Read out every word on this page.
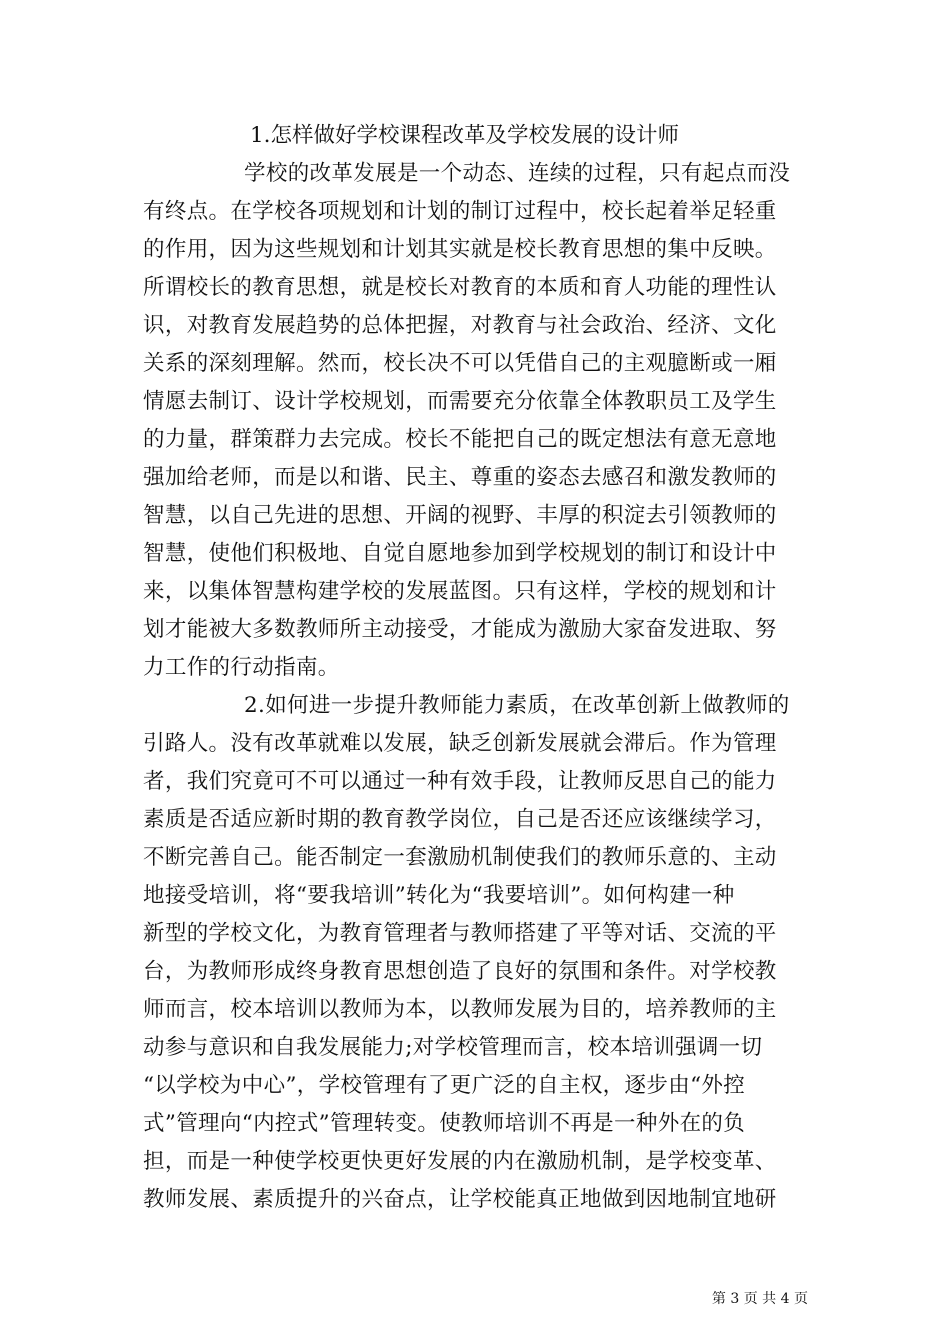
1.怎样做好学校课程改革及学校发展的设计师
学校的改革发展是一个动态、连续的过程，只有起点而没
有终点。在学校各项规划和计划的制订过程中，校长起着举足轻重
的作用，因为这些规划和计划其实就是校长教育思想的集中反映。
所谓校长的教育思想，就是校长对教育的本质和育人功能的理性认
识，对教育发展趋势的总体把握，对教育与社会政治、经济、文化
关系的深刻理解。然而，校长决不可以凭借自己的主观臆断或一厢
情愿去制订、设计学校规划，而需要充分依靠全体教职员工及学生
的力量，群策群力去完成。校长不能把自己的既定想法有意无意地
强加给老师，而是以和谐、民主、尊重的姿态去感召和激发教师的
智慧，以自己先进的思想、开阔的视野、丰厚的积淀去引领教师的
智慧，使他们积极地、自觉自愿地参加到学校规划的制订和设计中
来，以集体智慧构建学校的发展蓝图。只有这样，学校的规划和计
划才能被大多数教师所主动接受，才能成为激励大家奋发进取、努
力工作的行动指南。
2.如何进一步提升教师能力素质，在改革创新上做教师的
引路人。没有改革就难以发展，缺乏创新发展就会滞后。作为管理
者，我们究竟可不可以通过一种有效手段，让教师反思自己的能力
素质是否适应新时期的教育教学岗位，自己是否还应该继续学习，
不断完善自己。能否制定一套激励机制使我们的教师乐意的、主动
地接受培训，将“要我培训”转化为“我要培训”。如何构建一种
新型的学校文化，为教育管理者与教师搭建了平等对话、交流的平
台，为教师形成终身教育思想创造了良好的氛围和条件。对学校教
师而言，校本培训以教师为本，以教师发展为目的，培养教师的主
动参与意识和自我发展能力;对学校管理而言，校本培训强调一切
“以学校为中心”，学校管理有了更广泛的自主权，逐步由“外控
式”管理向“内控式”管理转变。使教师培训不再是一种外在的负
担，而是一种使学校更快更好发展的内在激励机制，是学校变革、
教师发展、素质提升的兴奋点，让学校能真正地做到因地制宜地研
第 3 页 共 4 页
